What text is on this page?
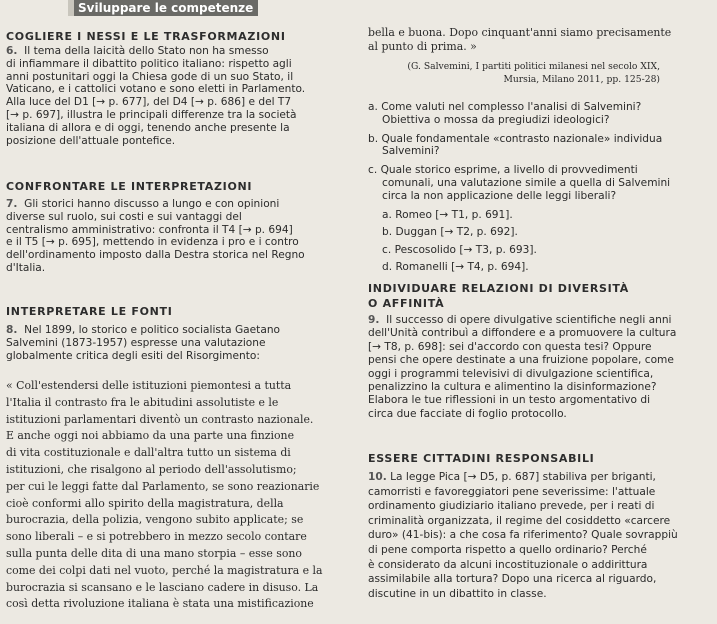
Sviluppare le competenze
COGLIERE I NESSI E LE TRASFORMAZIONI

6. Il tema della laicità dello Stato non ha smesso

di infiammare il dibattito politico italiano: rispetto agli

anni postunitari oggi la Chiesa gode di un suo Stato, il

Vaticano, e i cattolici votano e sono eletti in Parlamento.

Alla luce del D1 [→ p. 677], del D4 [→ p. 686] e del T7

[→ p. 697], illustra le principali differenze tra la società

italiana di allora e di oggi, tenendo anche presente la

posizione dell'attuale pontefice.

CONFRONTARE LE INTERPRETAZIONI

7. Gli storici hanno discusso a lungo e con opinioni

diverse sul ruolo, sui costi e sui vantaggi del

centralismo amministrativo: confronta il T4 [→ p. 694]

e il T5 [→ p. 695], mettendo in evidenza i pro e i contro

dell'ordinamento imposto dalla Destra storica nel Regno

d'Italia.

INTERPRETARE LE FONTI

8. Nel 1899, lo storico e politico socialista Gaetano

Salvemini (1873-1957) espresse una valutazione

globalmente critica degli esiti del Risorgimento:

« Coll'estendersi delle istituzioni piemontesi a tutta

l'Italia il contrasto fra le abitudini assolutiste e le

istituzioni parlamentari diventò un contrasto nazionale.

E anche oggi noi abbiamo da una parte una finzione

di vita costituzionale e dall'altra tutto un sistema di

istituzioni, che risalgono al periodo dell'assolutismo;

per cui le leggi fatte dal Parlamento, se sono reazionarie

cioè conformi allo spirito della magistratura, della

burocrazia, della polizia, vengono subito applicate; se

sono liberali – e si potrebbero in mezzo secolo contare

sulla punta delle dita di una mano storpia – esse sono

come dei colpi dati nel vuoto, perché la magistratura e la

burocrazia si scansano e le lasciano cadere in disuso. La

così detta rivoluzione italiana è stata una mistificazione

bella e buona. Dopo cinquant'anni siamo precisamente

al punto di prima. »

(G. Salvemini, I partiti politici milanesi nel secolo XIX,

Mursia, Milano 2011, pp. 125-28)

a. Come valuti nel complesso l'analisi di Salvemini?

Obiettiva o mossa da pregiudizi ideologici?

b. Quale fondamentale «contrasto nazionale» individua

Salvemini?

c. Quale storico esprime, a livello di provvedimenti

comunali, una valutazione simile a quella di Salvemini

circa la non applicazione delle leggi liberali?

a. Romeo [→ T1, p. 691].

b. Duggan [→ T2, p. 692].

c. Pescosolido [→ T3, p. 693].

d. Romanelli [→ T4, p. 694].

INDIVIDUARE RELAZIONI DI DIVERSITÀ

O AFFINITÀ

9. Il successo di opere divulgative scientifiche negli anni

dell'Unità contribuì a diffondere e a promuovere la cultura

[→ T8, p. 698]: sei d'accordo con questa tesi? Oppure

pensi che opere destinate a una fruizione popolare, come

oggi i programmi televisivi di divulgazione scientifica,

penalizzino la cultura e alimentino la disinformazione?

Elabora le tue riflessioni in un testo argomentativo di

circa due facciate di foglio protocollo.

ESSERE CITTADINI RESPONSABILI

10. La legge Pica [→ D5, p. 687] stabiliva per briganti,

camorristi e favoreggiatori pene severissime: l'attuale

ordinamento giudiziario italiano prevede, per i reati di

criminalità organizzata, il regime del cosiddetto «carcere

duro» (41-bis): a che cosa fa riferimento? Quale sovrappiù

di pene comporta rispetto a quello ordinario? Perché

è considerato da alcuni incostituzionale o addirittura

assimilabile alla tortura? Dopo una ricerca al riguardo,

discutine in un dibattito in classe.
